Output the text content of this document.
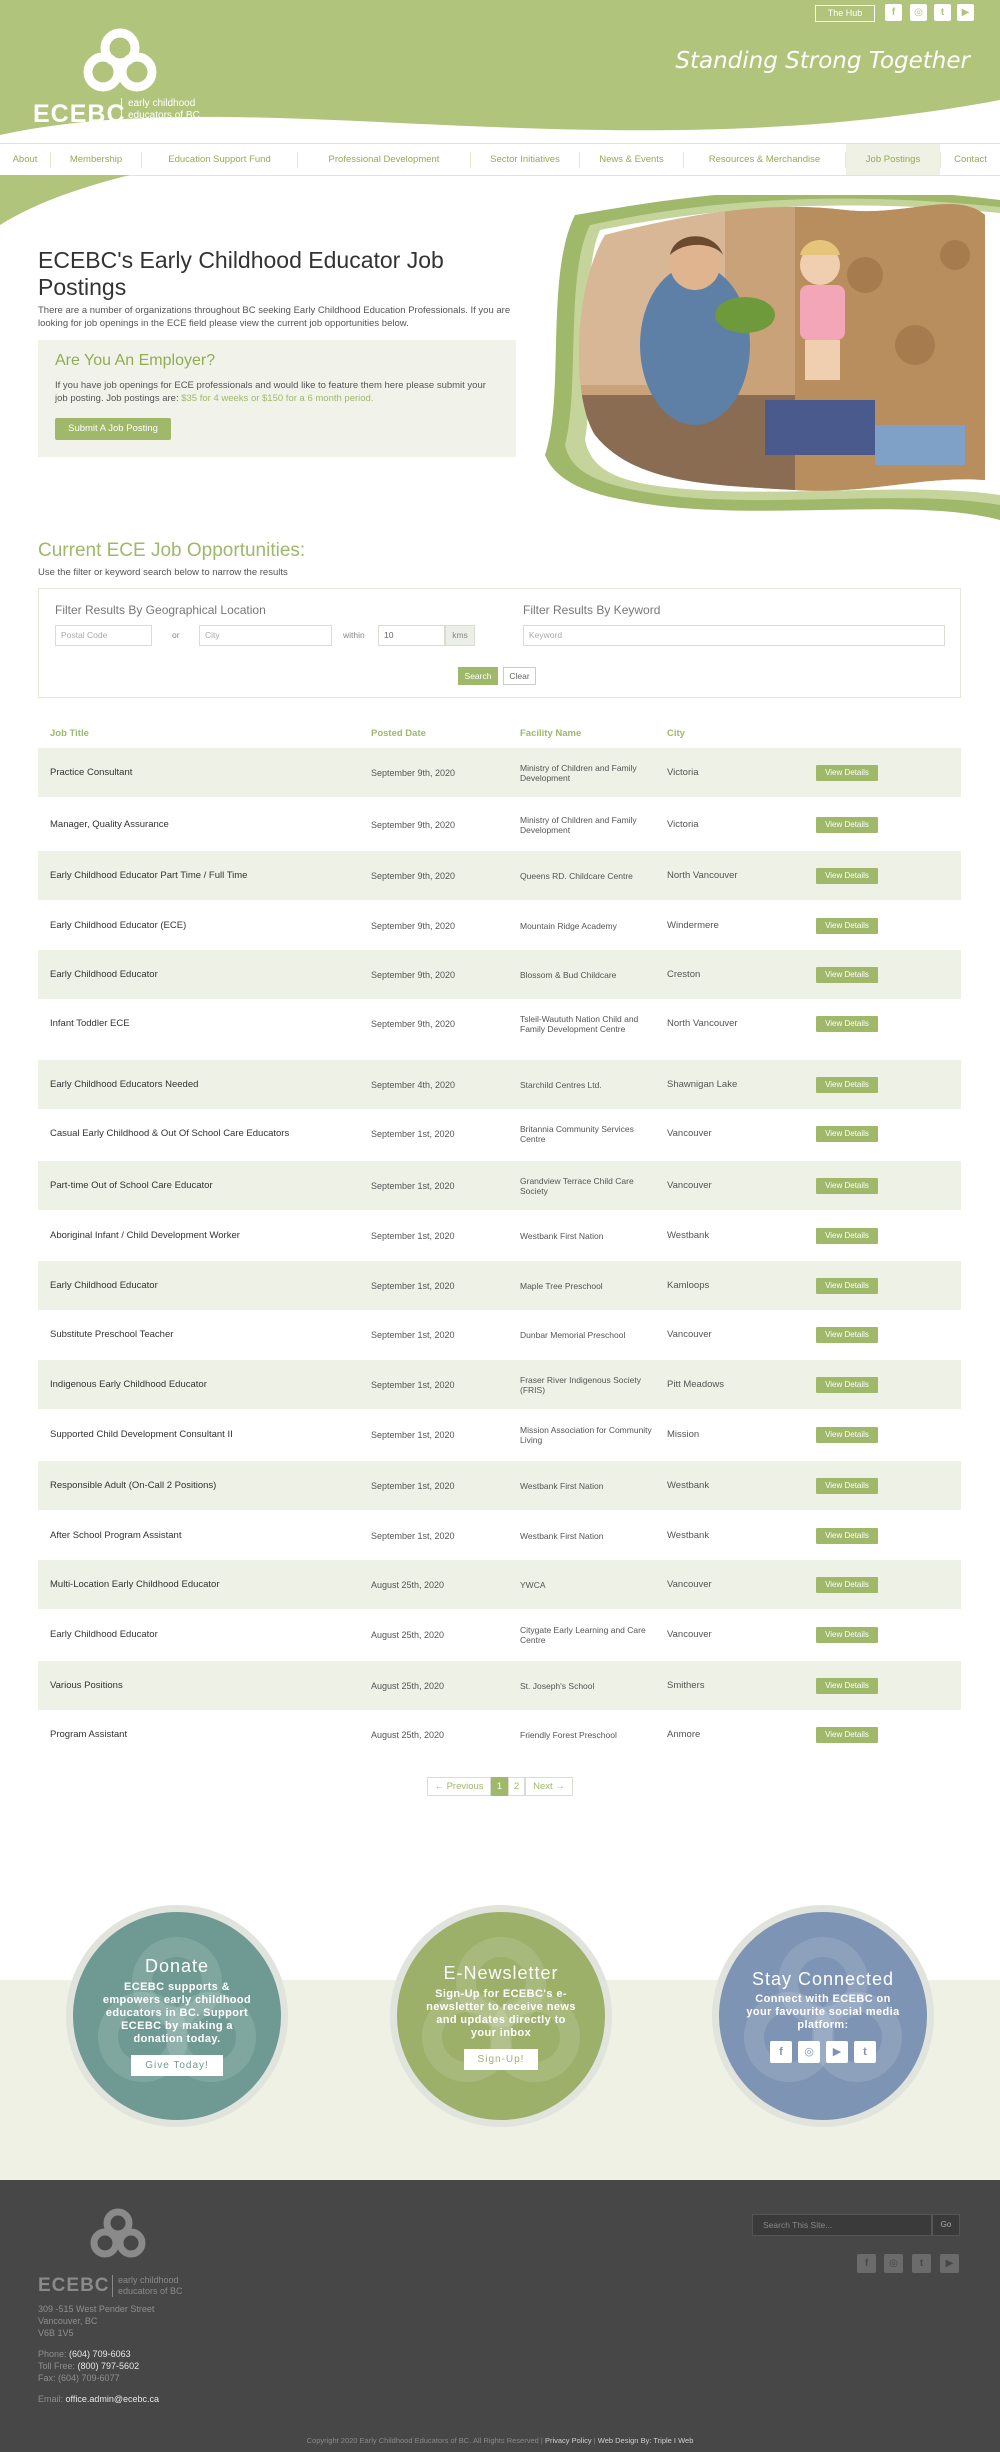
ECEBC early childhood educators of BC
The Hub	f	◎	t	▶
Standing Strong Together
About	Membership	Education Support Fund	Professional Development	Sector Initiatives	News & Events	Resources & Merchandise	Job Postings	Contact
ECEBC's Early Childhood Educator Job Postings
There are a number of organizations throughout BC seeking Early Childhood Education Professionals. If you are looking for job openings in the ECE field please view the current job opportunities below.
Are You An Employer?
If you have job openings for ECE professionals and would like to feature them here please submit your job posting. Job postings are: $35 for 4 weeks or $150 for a 6 month period.
Submit A Job Posting
Current ECE Job Opportunities:
Use the filter or keyword search below to narrow the results
Filter Results By Geographical Location	Filter Results By Keyword
Postal Code	or	City	within	10	kms	Keyword
Search	Clear
Job Title	Posted Date	Facility Name	City
Practice Consultant	September 9th, 2020	Ministry of Children and Family Development	Victoria	View Details
Manager, Quality Assurance	September 9th, 2020	Ministry of Children and Family Development	Victoria	View Details
Early Childhood Educator Part Time / Full Time	September 9th, 2020	Queens RD. Childcare Centre	North Vancouver	View Details
Early Childhood Educator (ECE)	September 9th, 2020	Mountain Ridge Academy	Windermere	View Details
Early Childhood Educator	September 9th, 2020	Blossom & Bud Childcare	Creston	View Details
Infant Toddler ECE	September 9th, 2020	Tsleil-Waututh Nation Child and Family Development Centre	North Vancouver	View Details
Early Childhood Educators Needed	September 4th, 2020	Starchild Centres Ltd.	Shawnigan Lake	View Details
Casual Early Childhood & Out Of School Care Educators	September 1st, 2020	Britannia Community Services Centre	Vancouver	View Details
Part-time Out of School Care Educator	September 1st, 2020	Grandview Terrace Child Care Society	Vancouver	View Details
Aboriginal Infant / Child Development Worker	September 1st, 2020	Westbank First Nation	Westbank	View Details
Early Childhood Educator	September 1st, 2020	Maple Tree Preschool	Kamloops	View Details
Substitute Preschool Teacher	September 1st, 2020	Dunbar Memorial Preschool	Vancouver	View Details
Indigenous Early Childhood Educator	September 1st, 2020	Fraser River Indigenous Society (FRIS)	Pitt Meadows	View Details
Supported Child Development Consultant II	September 1st, 2020	Mission Association for Community Living	Mission	View Details
Responsible Adult (On-Call 2 Positions)	September 1st, 2020	Westbank First Nation	Westbank	View Details
After School Program Assistant	September 1st, 2020	Westbank First Nation	Westbank	View Details
Multi-Location Early Childhood Educator	August 25th, 2020	YWCA	Vancouver	View Details
Early Childhood Educator	August 25th, 2020	Citygate Early Learning and Care Centre	Vancouver	View Details
Various Positions	August 25th, 2020	St. Joseph's School	Smithers	View Details
Program Assistant	August 25th, 2020	Friendly Forest Preschool	Anmore	View Details
← Previous	1	2	Next →
Donate
ECEBC supports & empowers early childhood educators in BC. Support ECEBC by making a donation today.
Give Today!
E-Newsletter
Sign-Up for ECEBC's e-newsletter to receive news and updates directly to your inbox
Sign-Up!
Stay Connected
Connect with ECEBC on your favourite social media platform:
f	◎	▶	t
ECEBC early childhood educators of BC
309 -515 West Pender Street
Vancouver, BC
V6B 1V5
Phone: (604) 709-6063
Toll Free: (800) 797-5602
Fax: (604) 709-6077
Email: office.admin@ecebc.ca
Search This Site...	Go
f	◎	t	▶
Copyright 2020 Early Childhood Educators of BC. All Rights Reserved | Privacy Policy | Web Design By: Triple I Web
